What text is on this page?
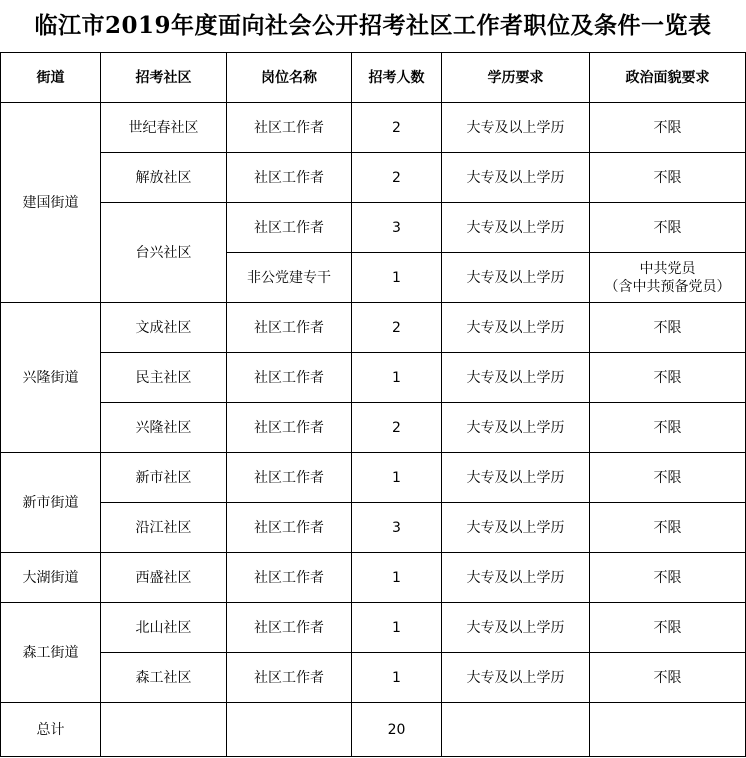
临江市2019年度面向社会公开招考社区工作者职位及条件一览表
街道	招考社区	岗位名称	招考人数	学历要求	政治面貌要求
建国街道	世纪春社区	社区工作者	2	大专及以上学历	不限
	解放社区	社区工作者	2	大专及以上学历	不限
	台兴社区	社区工作者	3	大专及以上学历	不限
		非公党建专干	1	大专及以上学历	中共党员
（含中共预备党员）

兴隆街道	文成社区	社区工作者	2	大专及以上学历	不限
	民主社区	社区工作者	1	大专及以上学历	不限
	兴隆社区	社区工作者	2	大专及以上学历	不限
新市街道	新市社区	社区工作者	1	大专及以上学历	不限
	沿江社区	社区工作者	3	大专及以上学历	不限
大湖街道	西盛社区	社区工作者	1	大专及以上学历	不限
森工街道	北山社区	社区工作者	1	大专及以上学历	不限
	森工社区	社区工作者	1	大专及以上学历	不限
总计			20		
